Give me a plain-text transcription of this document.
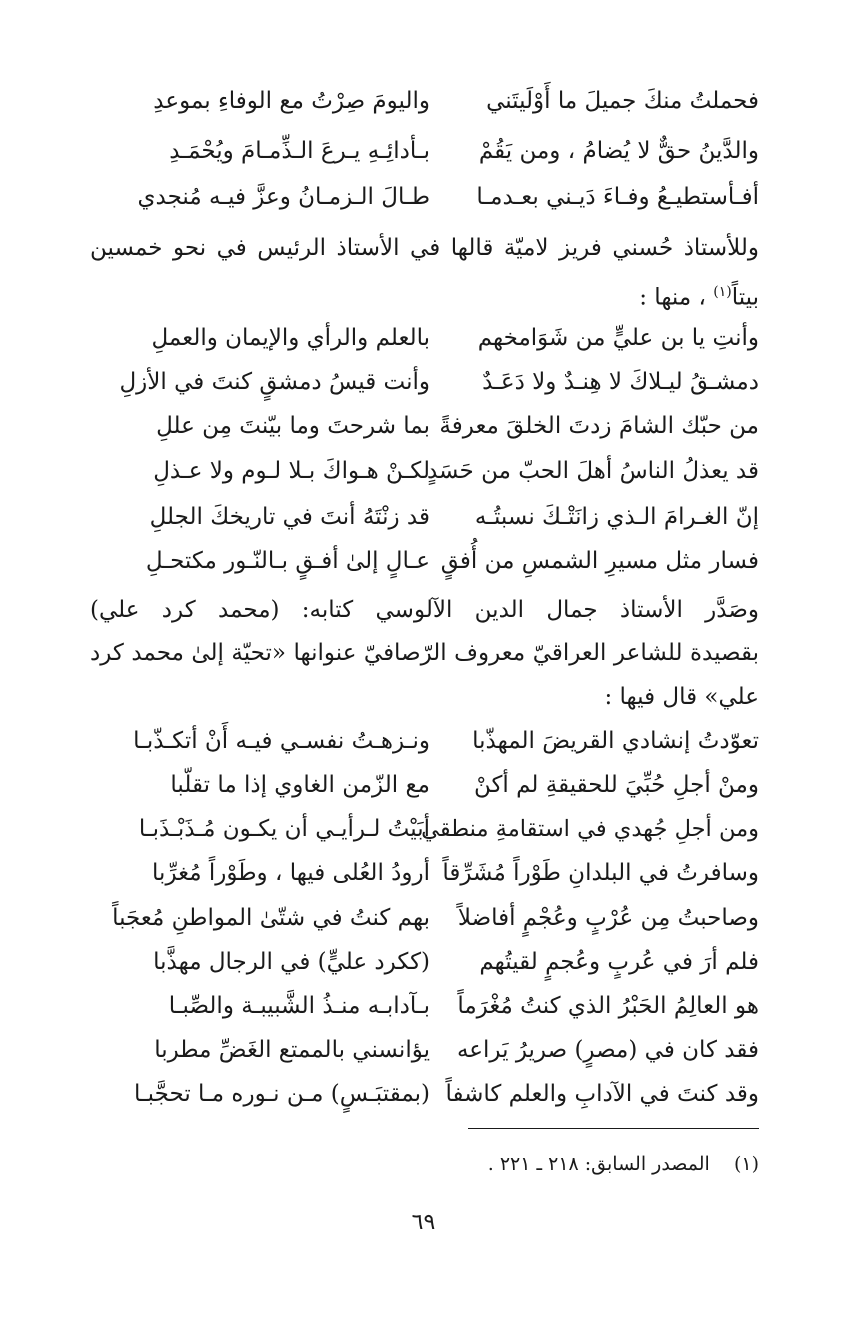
فحملتُ منكَ جميلَ ما أَوْلَيتَني
واليومَ صِرْتُ مع الوفاءِ بموعدِ
والدَّينُ حقٌّ لا يُضامُ ، ومن يَقُمْ
بـأدائِـهِ يـرعَ الـذِّمـامَ ويُحْمَـدِ
أفـأستطيـعُ وفـاءَ دَيـني بعـدمـا
طـالَ الـزمـانُ وعزَّ فيـه مُنجدي
وللأستاذ حُسني فريز لاميّة قالها في الأستاذ الرئيس في نحو خمسين
بيتاً$^{(١)}$ ، منها :
وأنتِ يا بن عليٍّ من شَوَامخهم
بالعلم والرأي والإيمان والعملِ
دمشـقُ ليـلاكَ لا هِنـدٌ ولا دَعَـدٌ
وأنت قيسُ دمشقٍ كنتَ في الأزلِ
من حبّك الشامَ زدتَ الخلقَ معرفةً
بما شرحتَ وما بيّنتَ مِن عللِ
قد يعذلُ الناسُ أهلَ الحبّ من حَسَدٍ
لكـنْ هـواكَ بـلا لـوم ولا عـذلِ
إنّ الغـرامَ الـذي زانَتْـكَ نسبتُـه
قد زنْتَهُ أنتَ في تاريخكَ الجللِ
فسار مثل مسيرِ الشمسِ من أُفقٍ
عـالٍ إلىٰ أفـقٍ بـالنّـور مكتحـلِ
وصَدَّر الأستاذ جمال الدين الآلوسي كتابه: (محمد كرد علي)
بقصيدة للشاعر العراقيّ معروف الرّصافيّ عنوانها «تحيّة إلىٰ محمد كرد
علي» قال فيها :
تعوّدتُ إنشادي القريضَ المهذّبا
ونـزهـتُ نفسـي فيـه أَنْ أتكـذّبـا
ومنْ أجلِ حُبِّيَ للحقيقةِ لم أكنْ
مع الزّمن الغاوي إذا ما تقلّبا
ومن أجلِ جُهدي في استقامةِ منطقي
أبَيْتُ لـرأيـي أن يكـون مُـذَبْـذَبـا
وسافرتُ في البلدانِ طَوْراً مُشَرِّقاً
أرودُ العُلى فيها ، وطَوْراً مُغرِّبا
وصاحبتُ مِن عُرْبٍ وعُجْمٍ أفاضلاً
بهم كنتُ في شتّىٰ المواطنِ مُعجَباً
فلم أرَ في عُربٍ وعُجمٍ لقيتُهم
(ككرد عليٍّ) في الرجال مهذَّبا
هو العالِمُ الحَبْرُ الذي كنتُ مُغْرَماً
بـآدابـه منـذُ الشَّبيبـة والصِّبـا
فقد كان في (مصرٍ) صريرُ يَراعه
يؤانسني بالممتع الغَضِّ مطربا
وقد كنتَ في الآدابِ والعلم كاشفاً
(بمقتبَـسٍ) مـن نـوره مـا تحجَّبـا
(١)  المصدر السابق: ٢١٨ ـ ٢٢١ .
٦٩
